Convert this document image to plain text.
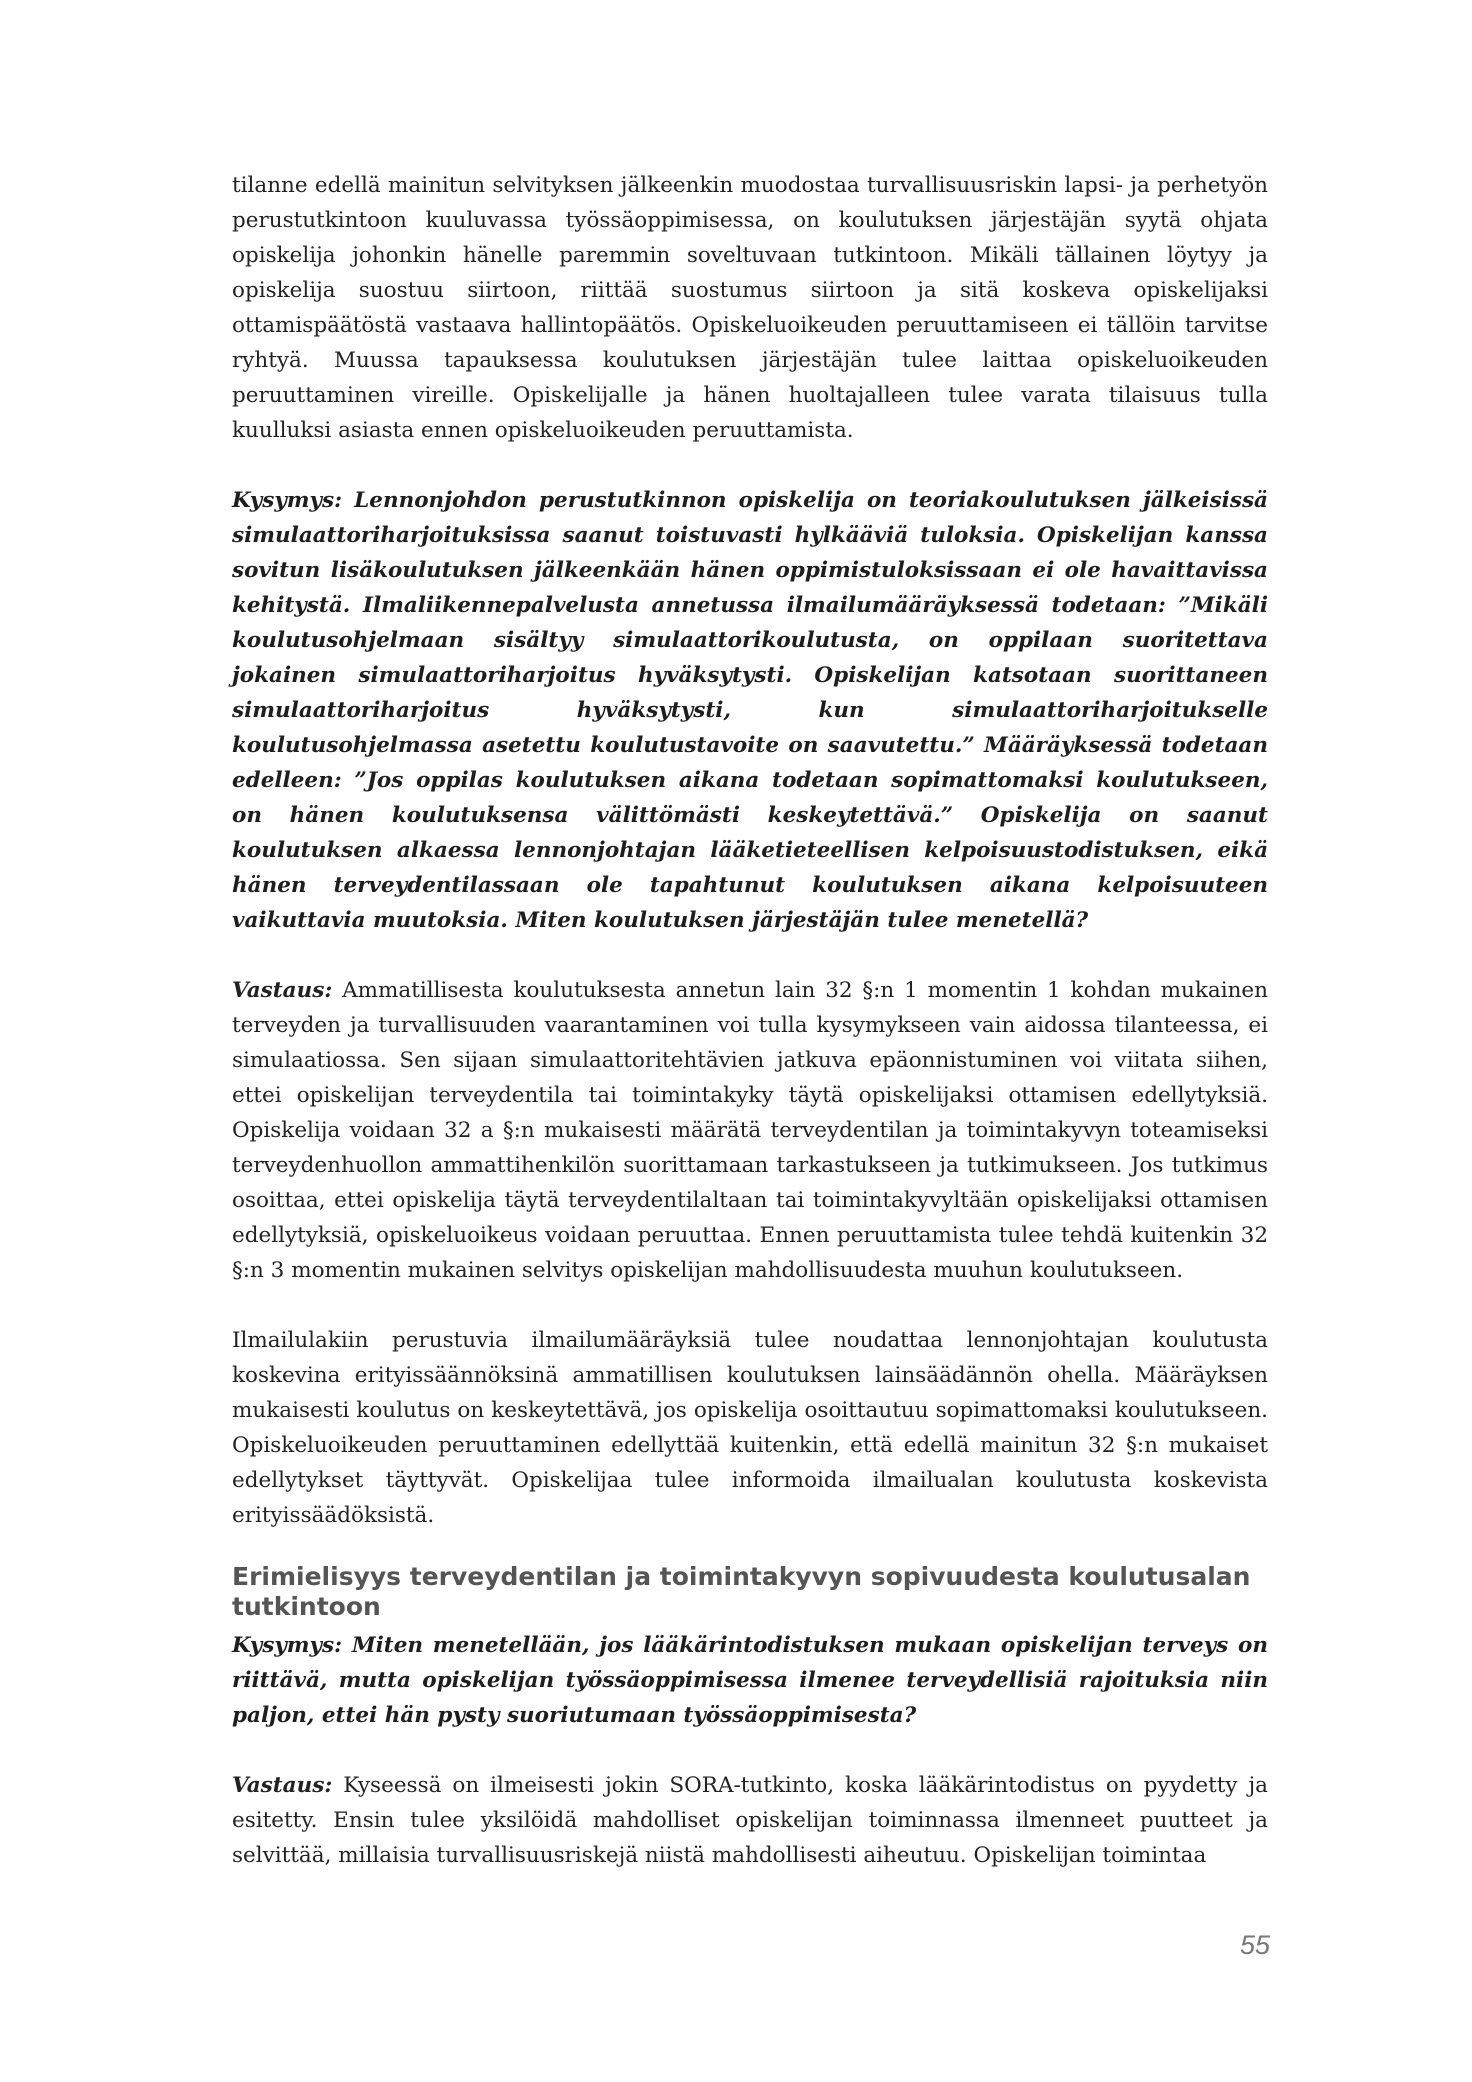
tilanne edellä mainitun selvityksen jälkeenkin muodostaa turvallisuusriskin lapsi- ja perhetyön perustutkintoon kuuluvassa työssäoppimisessa, on koulutuksen järjestäjän syytä ohjata opiskelija johonkin hänelle paremmin soveltuvaan tutkintoon. Mikäli tällainen löytyy ja opiskelija suostuu siirtoon, riittää suostumus siirtoon ja sitä koskeva opiskelijaksi ottamispäätöstä vastaava hallintopäätös. Opiskeluoikeuden peruuttamiseen ei tällöin tarvitse ryhtyä. Muussa tapauksessa koulutuksen järjestäjän tulee laittaa opiskeluoikeuden peruuttaminen vireille. Opiskelijalle ja hänen huoltajalleen tulee varata tilaisuus tulla kuulluksi asiasta ennen opiskeluoikeuden peruuttamista.

Kysymys: Lennonjohdon perustutkinnon opiskelija on teoriakoulutuksen jälkeisissä simulaattoriharjoituksissa saanut toistuvasti hylkääviä tuloksia. Opiskelijan kanssa sovitun lisäkoulutuksen jälkeenkään hänen oppimistuloksissaan ei ole havaittavissa kehitystä. Ilmaliikennepalvelusta annetussa ilmailumääräyksessä todetaan: ”Mikäli koulutusohjelmaan sisältyy simulaattorikoulutusta, on oppilaan suoritettava jokainen simulaattoriharjoitus hyväksytysti. Opiskelijan katsotaan suorittaneen simulaattoriharjoitus hyväksytysti, kun simulaattoriharjoitukselle koulutusohjelmassa asetettu koulutustavoite on saavutettu.” Määräyksessä todetaan edelleen: ”Jos oppilas koulutuksen aikana todetaan sopimattomaksi koulutukseen, on hänen koulutuksensa välittömästi keskeytettävä.” Opiskelija on saanut koulutuksen alkaessa lennonjohtajan lääketieteellisen kelpoisuustodistuksen, eikä hänen terveydentilassaan ole tapahtunut koulutuksen aikana kelpoisuuteen vaikuttavia muutoksia. Miten koulutuksen järjestäjän tulee menetellä?

Vastaus: Ammatillisesta koulutuksesta annetun lain 32 §:n 1 momentin 1 kohdan mukainen terveyden ja turvallisuuden vaarantaminen voi tulla kysymykseen vain aidossa tilanteessa, ei simulaatiossa. Sen sijaan simulaattoritehtävien jatkuva epäonnistuminen voi viitata siihen, ettei opiskelijan terveydentila tai toimintakyky täytä opiskelijaksi ottamisen edellytyksiä. Opiskelija voidaan 32 a §:n mukaisesti määrätä terveydentilan ja toimintakyvyn toteamiseksi terveydenhuollon ammattihenkilön suorittamaan tarkastukseen ja tutkimukseen. Jos tutkimus osoittaa, ettei opiskelija täytä terveydentilaltaan tai toimintakyvyltään opiskelijaksi ottamisen edellytyksiä, opiskeluoikeus voidaan peruuttaa. Ennen peruuttamista tulee tehdä kuitenkin 32 §:n 3 momentin mukainen selvitys opiskelijan mahdollisuudesta muuhun koulutukseen.

Ilmailulakiin perustuvia ilmailumääräyksiä tulee noudattaa lennonjohtajan koulutusta koskevina erityissäännöksinä ammatillisen koulutuksen lainsäädännön ohella. Määräyksen mukaisesti koulutus on keskeytettävä, jos opiskelija osoittautuu sopimattomaksi koulutukseen. Opiskeluoikeuden peruuttaminen edellyttää kuitenkin, että edellä mainitun 32 §:n mukaiset edellytykset täyttyvät. Opiskelijaa tulee informoida ilmailualan koulutusta koskevista erityissäädöksistä.

Erimielisyys terveydentilan ja toimintakyvyn sopivuudesta koulutusalan tutkintoon

Kysymys: Miten menetellään, jos lääkärintodistuksen mukaan opiskelijan terveys on riittävä, mutta opiskelijan työssäoppimisessa ilmenee terveydellisiä rajoituksia niin paljon, ettei hän pysty suoriutumaan työssäoppimisesta?

Vastaus: Kyseessä on ilmeisesti jokin SORA-tutkinto, koska lääkärintodistus on pyydetty ja esitetty. Ensin tulee yksilöidä mahdolliset opiskelijan toiminnassa ilmenneet puutteet ja selvittää, millaisia turvallisuusriskejä niistä mahdollisesti aiheutuu. Opiskelijan toimintaa

55
